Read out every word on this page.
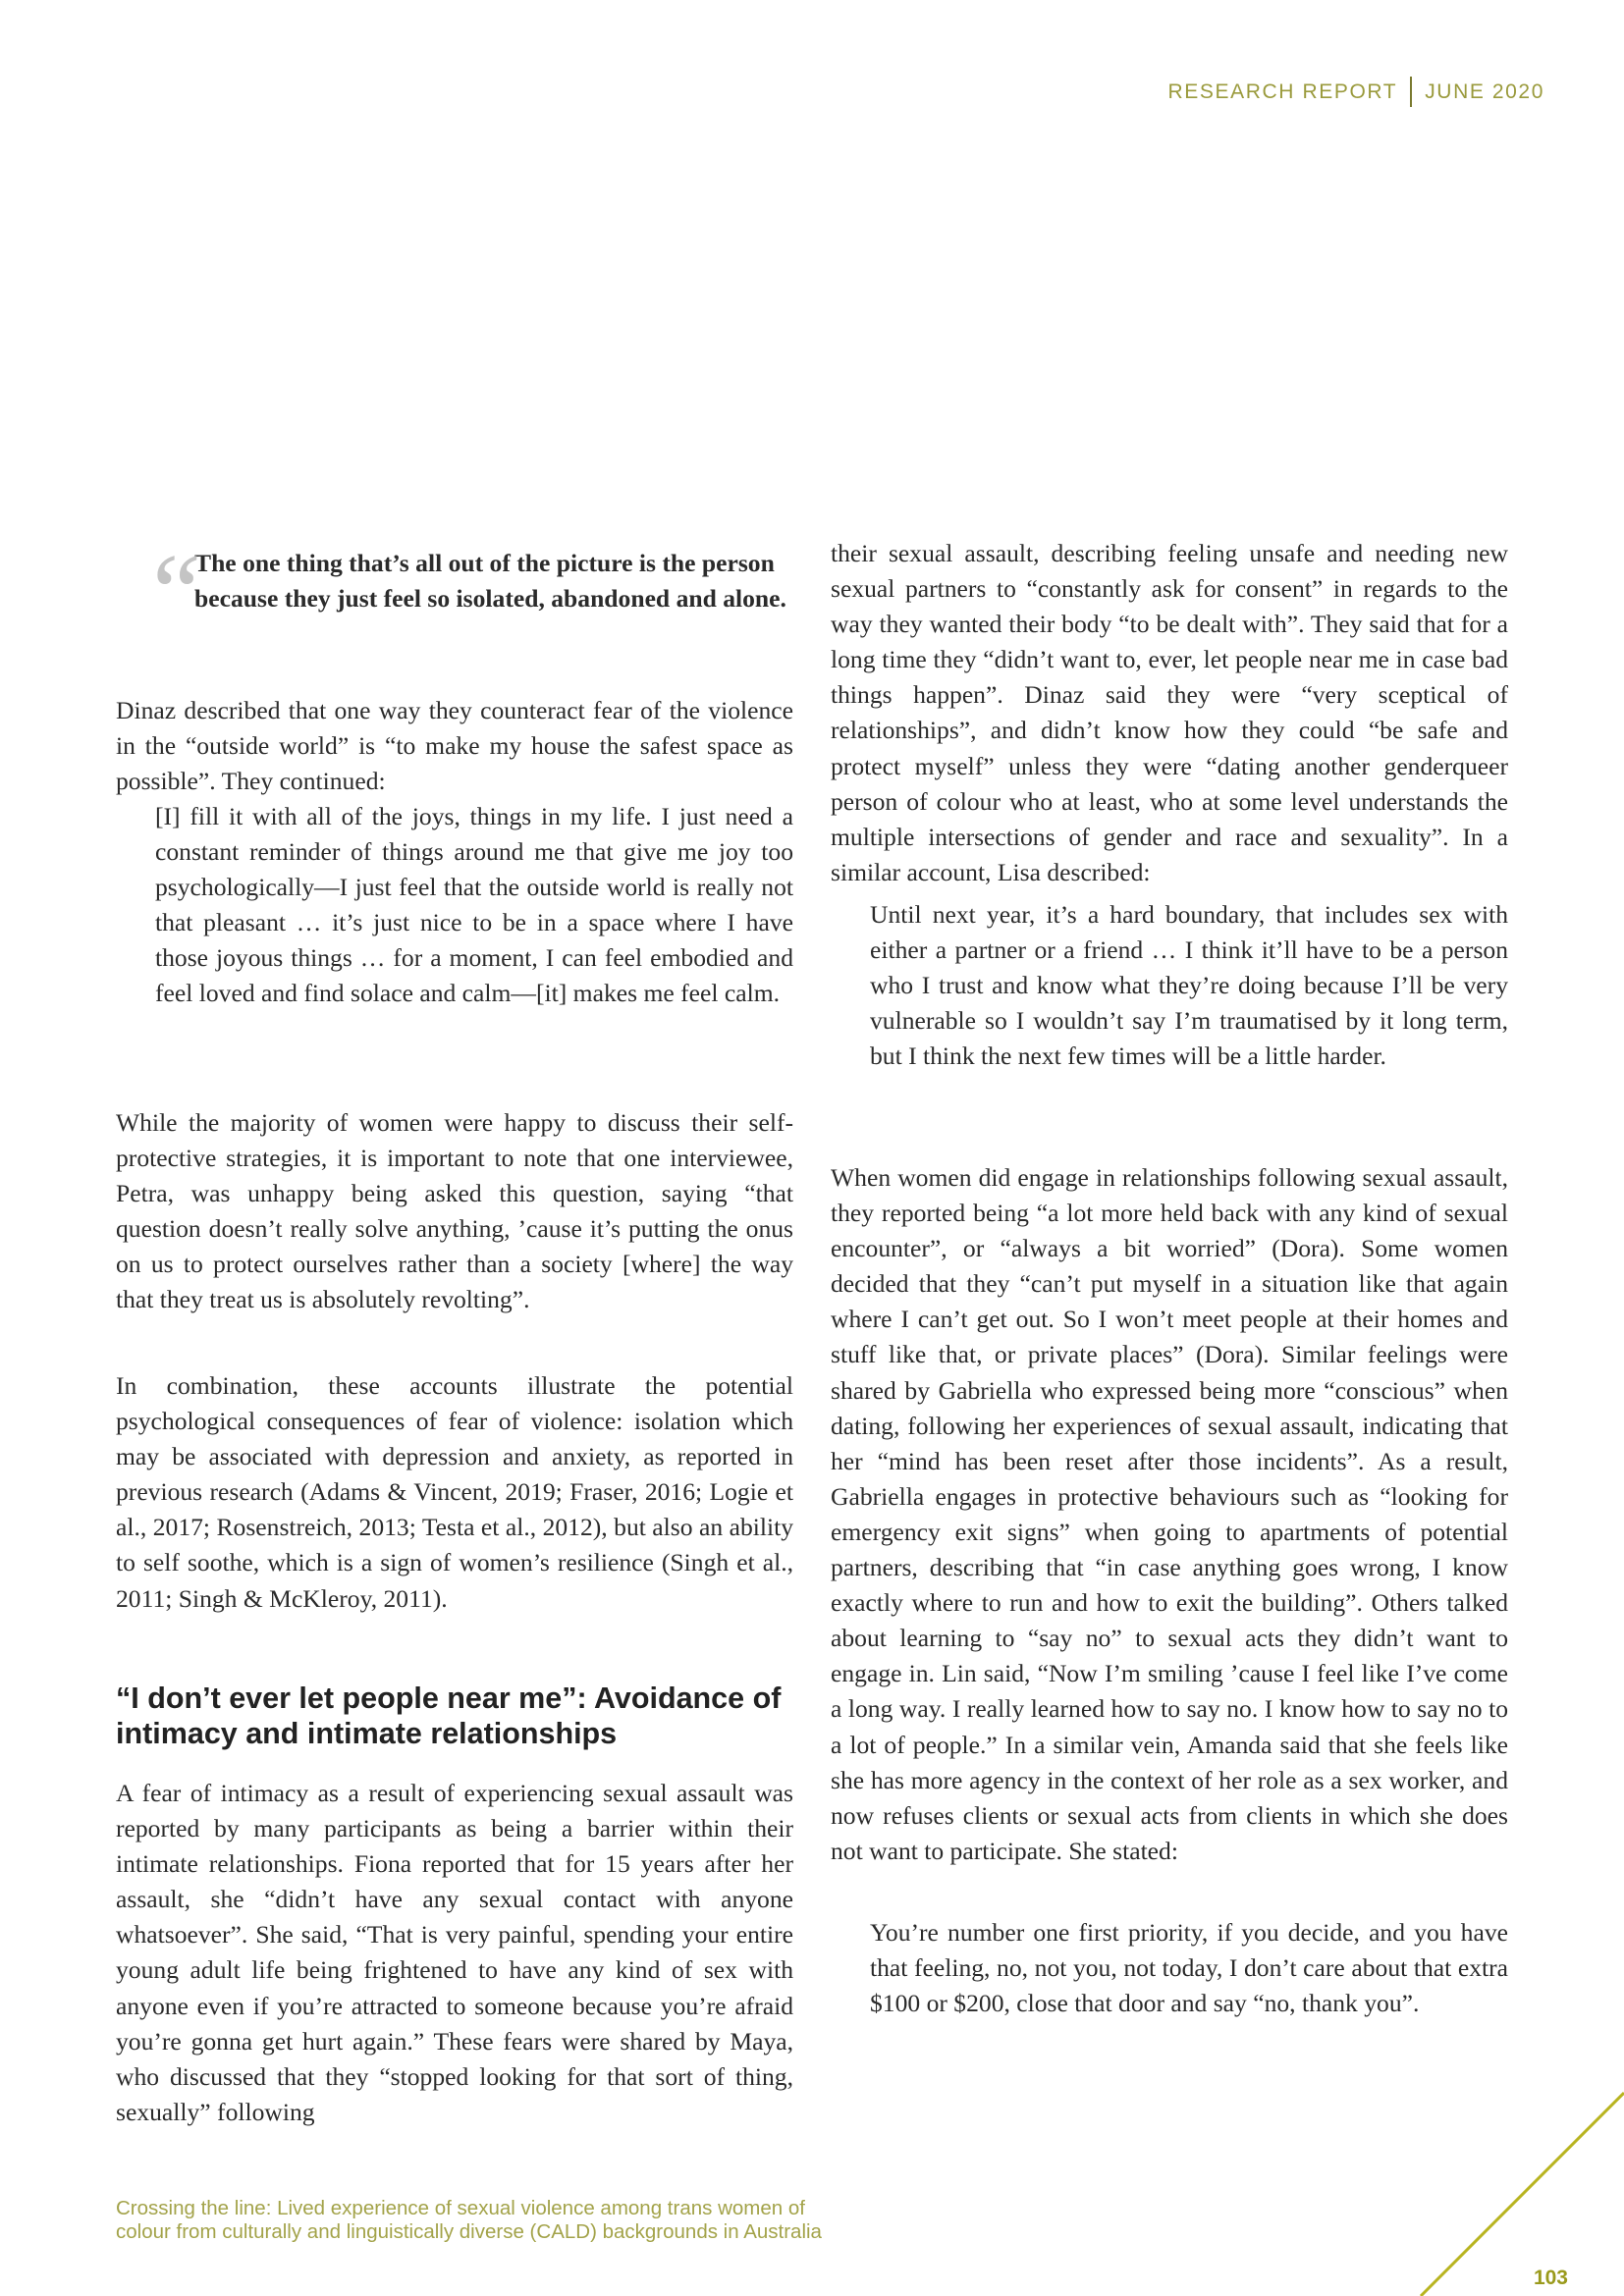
RESEARCH REPORT JUNE 2020
“

The one thing that’s all out of the picture is the person because they just feel so isolated, abandoned and alone.

Dinaz described that one way they counteract fear of the violence in the “outside world” is “to make my house the safest space as possible”. They continued:

[I] fill it with all of the joys, things in my life. I just need a constant reminder of things around me that give me joy too psychologically—I just feel that the outside world is really not that pleasant … it’s just nice to be in a space where I have those joyous things … for a moment, I can feel embodied and feel loved and find solace and calm—[it] makes me feel calm.

While the majority of women were happy to discuss their self-protective strategies, it is important to note that one interviewee, Petra, was unhappy being asked this question, saying “that question doesn’t really solve anything, ’cause it’s putting the onus on us to protect ourselves rather than a society [where] the way that they treat us is absolutely revolting”.

In combination, these accounts illustrate the potential psychological consequences of fear of violence: isolation which may be associated with depression and anxiety, as reported in previous research (Adams & Vincent, 2019; Fraser, 2016; Logie et al., 2017; Rosenstreich, 2013; Testa et al., 2012), but also an ability to self soothe, which is a sign of women’s resilience (Singh et al., 2011; Singh & McKleroy, 2011).

“I don’t ever let people near me”: Avoidance of intimacy and intimate relationships

A fear of intimacy as a result of experiencing sexual assault was reported by many participants as being a barrier within their intimate relationships. Fiona reported that for 15 years after her assault, she “didn’t have any sexual contact with anyone whatsoever”. She said, “That is very painful, spending your entire young adult life being frightened to have any kind of sex with anyone even if you’re attracted to someone because you’re afraid you’re gonna get hurt again.” These fears were shared by Maya, who discussed that they “stopped looking for that sort of thing, sexually” following

their sexual assault, describing feeling unsafe and needing new sexual partners to “constantly ask for consent” in regards to the way they wanted their body “to be dealt with”. They said that for a long time they “didn’t want to, ever, let people near me in case bad things happen”. Dinaz said they were “very sceptical of relationships”, and didn’t know how they could “be safe and protect myself” unless they were “dating another genderqueer person of colour who at least, who at some level understands the multiple intersections of gender and race and sexuality”. In a similar account, Lisa described:

Until next year, it’s a hard boundary, that includes sex with either a partner or a friend … I think it’ll have to be a person who I trust and know what they’re doing because I’ll be very vulnerable so I wouldn’t say I’m traumatised by it long term, but I think the next few times will be a little harder.

When women did engage in relationships following sexual assault, they reported being “a lot more held back with any kind of sexual encounter”, or “always a bit worried” (Dora). Some women decided that they “can’t put myself in a situation like that again where I can’t get out. So I won’t meet people at their homes and stuff like that, or private places” (Dora). Similar feelings were shared by Gabriella who expressed being more “conscious” when dating, following her experiences of sexual assault, indicating that her “mind has been reset after those incidents”. As a result, Gabriella engages in protective behaviours such as “looking for emergency exit signs” when going to apartments of potential partners, describing that “in case anything goes wrong, I know exactly where to run and how to exit the building”. Others talked about learning to “say no” to sexual acts they didn’t want to engage in. Lin said, “Now I’m smiling ’cause I feel like I’ve come a long way. I really learned how to say no. I know how to say no to a lot of people.” In a similar vein, Amanda said that she feels like she has more agency in the context of her role as a sex worker, and now refuses clients or sexual acts from clients in which she does not want to participate. She stated:

You’re number one first priority, if you decide, and you have that feeling, no, not you, not today, I don’t care about that extra $100 or $200, close that door and say “no, thank you”.

Crossing the line: Lived experience of sexual violence among trans women of
colour from culturally and linguistically diverse (CALD) backgrounds in Australia
103
